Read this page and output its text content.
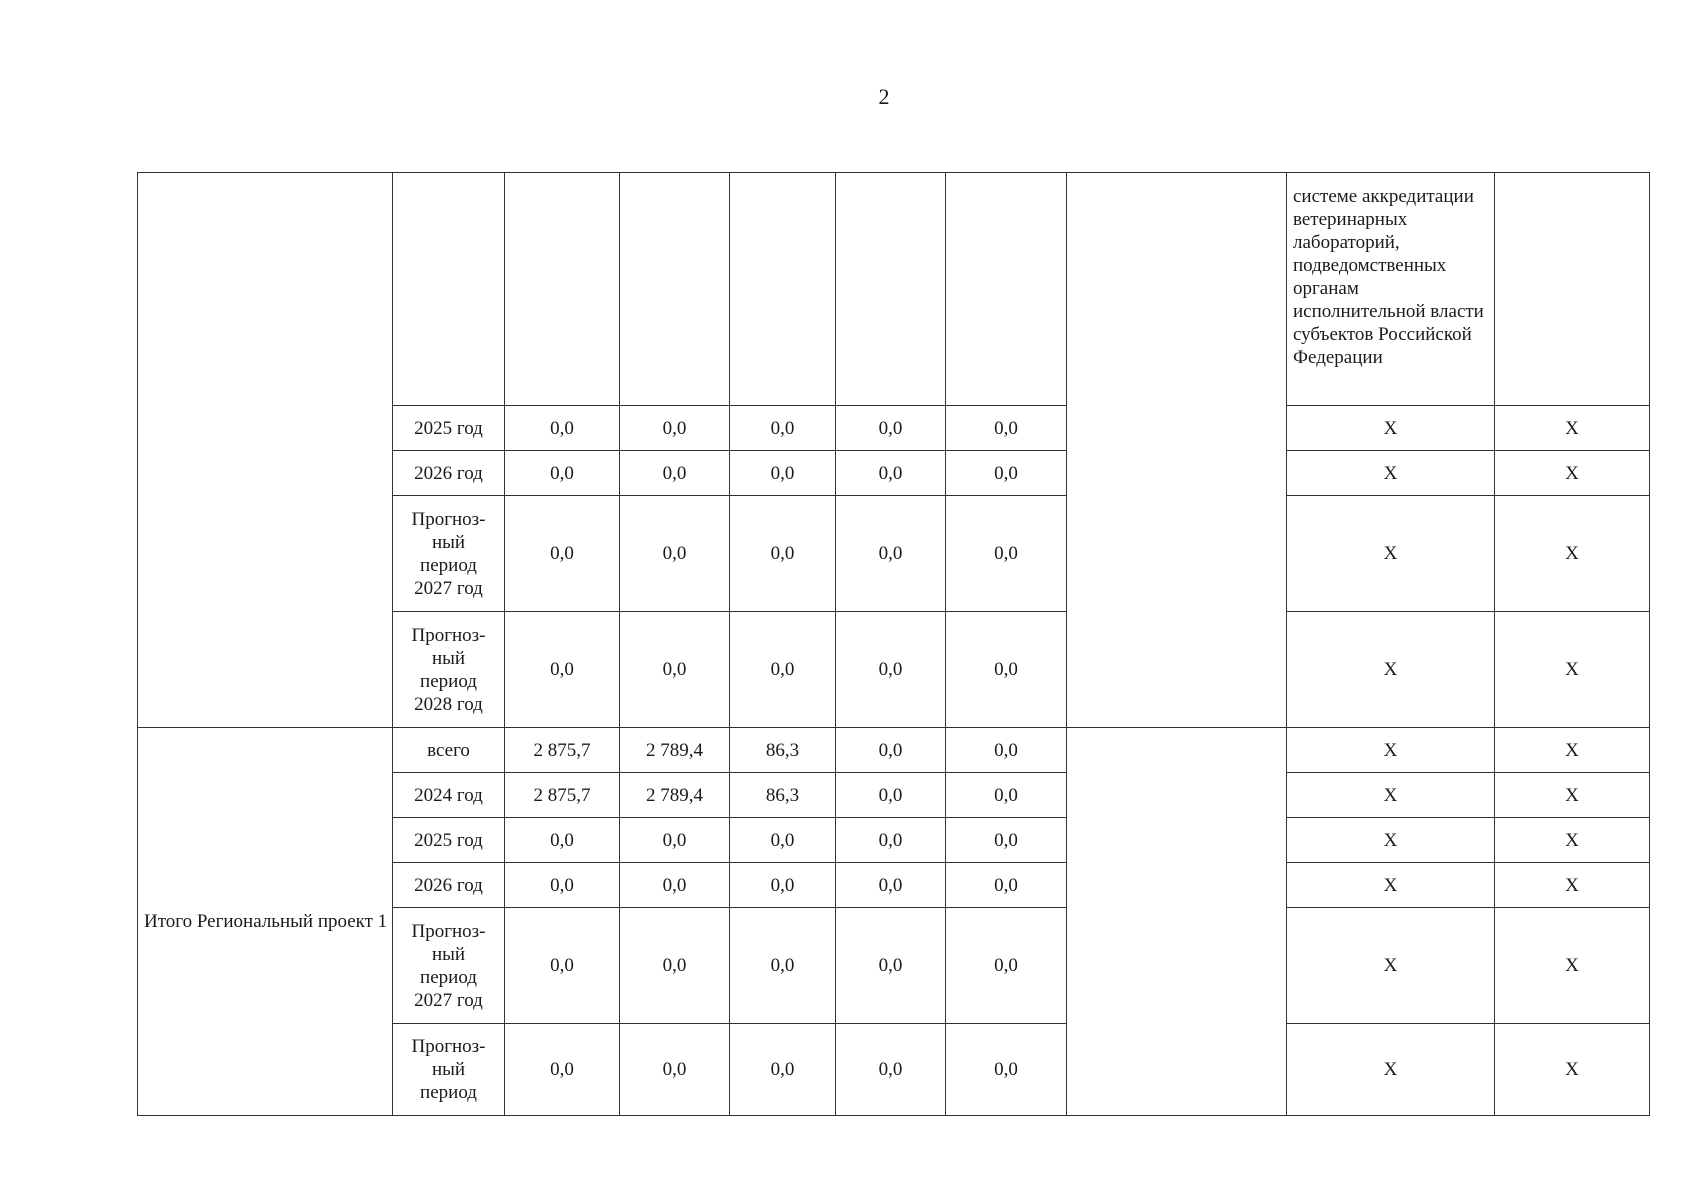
2
								системе аккредитации ветеринарных лабораторий, подведомственных органам исполнительной власти субъектов Российской Федерации	
	2025 год	0,0	0,0	0,0	0,0	0,0		Х	Х
	2026 год	0,0	0,0	0,0	0,0	0,0		Х	Х
	Прогноз-
ный
период
2027 год	0,0	0,0	0,0	0,0	0,0		Х	Х
	Прогноз-
ный
период
2028 год	0,0	0,0	0,0	0,0	0,0		Х	Х
Итого Региональный проект 1	всего	2 875,7	2 789,4	86,3	0,0	0,0		Х	Х
	2024 год	2 875,7	2 789,4	86,3	0,0	0,0		Х	Х
	2025 год	0,0	0,0	0,0	0,0	0,0		Х	Х
	2026 год	0,0	0,0	0,0	0,0	0,0		Х	Х
	Прогноз-
ный
период
2027 год	0,0	0,0	0,0	0,0	0,0		Х	Х
	Прогноз-
ный
период	0,0	0,0	0,0	0,0	0,0		Х	Х
